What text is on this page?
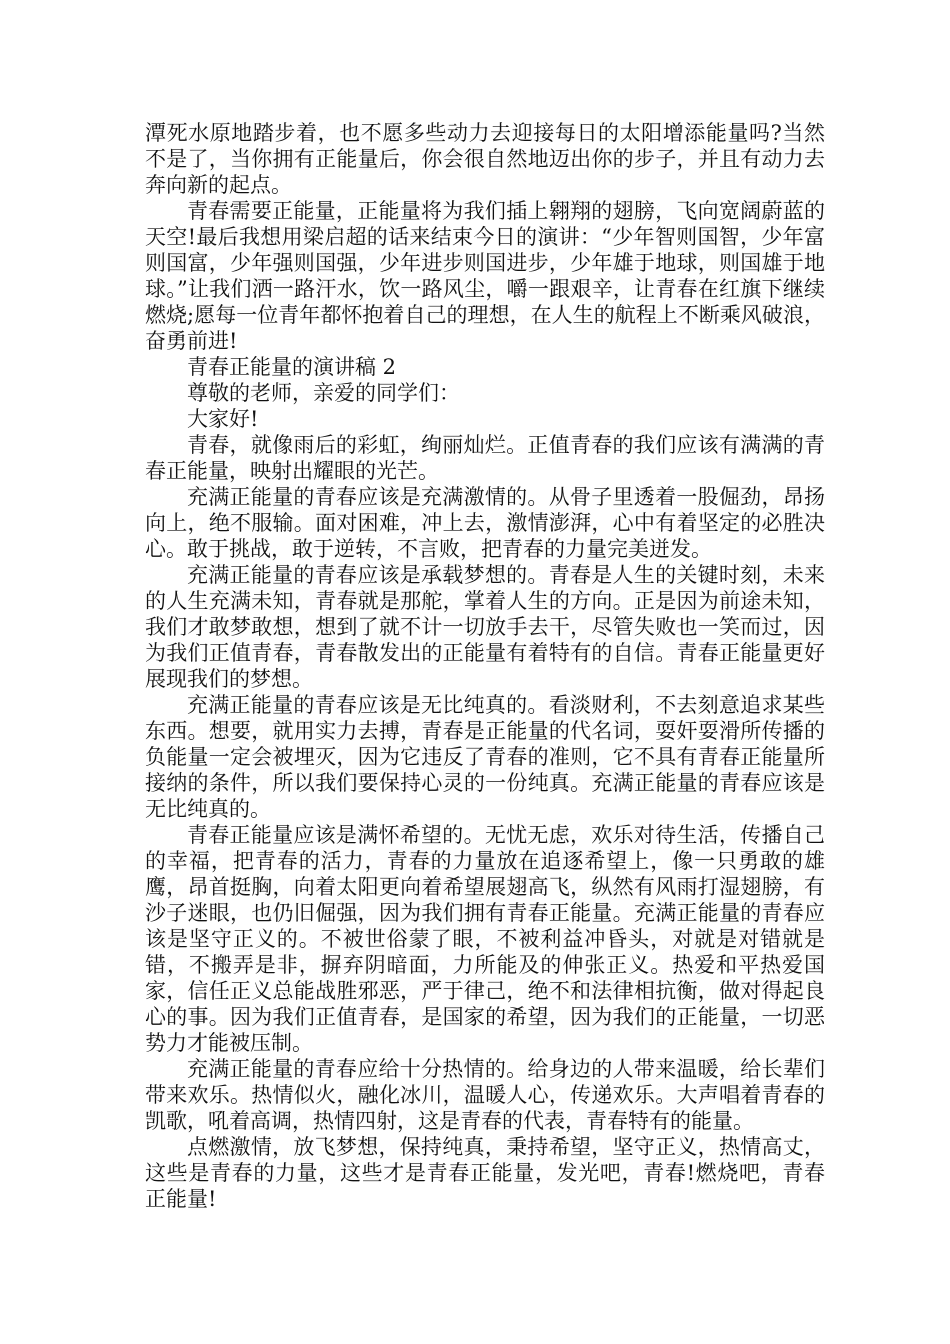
潭死水原地踏步着，也不愿多些动力去迎接每日的太阳增添能量吗?当然不是了，当你拥有正能量后，你会很自然地迈出你的步子，并且有动力去奔向新的起点。

青春需要正能量，正能量将为我们插上翱翔的翅膀，飞向宽阔蔚蓝的天空!最后我想用梁启超的话来结束今日的演讲：“少年智则国智，少年富则国富，少年强则国强，少年进步则国进步，少年雄于地球，则国雄于地球。”让我们洒一路汗水，饮一路风尘，嚼一跟艰辛，让青春在红旗下继续燃烧;愿每一位青年都怀抱着自己的理想，在人生的航程上不断乘风破浪，奋勇前进!

青春正能量的演讲稿 2

尊敬的老师，亲爱的同学们：

大家好!

青春，就像雨后的彩虹，绚丽灿烂。正值青春的我们应该有满满的青春正能量，映射出耀眼的光芒。

充满正能量的青春应该是充满激情的。从骨子里透着一股倔劲，昂扬向上，绝不服输。面对困难，冲上去，激情澎湃，心中有着坚定的必胜决心。敢于挑战，敢于逆转，不言败，把青春的力量完美迸发。

充满正能量的青春应该是承载梦想的。青春是人生的关键时刻，未来的人生充满未知，青春就是那舵，掌着人生的方向。正是因为前途未知，我们才敢梦敢想，想到了就不计一切放手去干，尽管失败也一笑而过，因为我们正值青春，青春散发出的正能量有着特有的自信。青春正能量更好展现我们的梦想。

充满正能量的青春应该是无比纯真的。看淡财利，不去刻意追求某些东西。想要，就用实力去搏，青春是正能量的代名词，耍奸耍滑所传播的负能量一定会被埋灭，因为它违反了青春的准则，它不具有青春正能量所接纳的条件，所以我们要保持心灵的一份纯真。充满正能量的青春应该是无比纯真的。

青春正能量应该是满怀希望的。无忧无虑，欢乐对待生活，传播自己的幸福，把青春的活力，青春的力量放在追逐希望上，像一只勇敢的雄鹰，昂首挺胸，向着太阳更向着希望展翅高飞，纵然有风雨打湿翅膀，有沙子迷眼，也仍旧倔强，因为我们拥有青春正能量。充满正能量的青春应该是坚守正义的。不被世俗蒙了眼，不被利益冲昏头，对就是对错就是错，不搬弄是非，摒弃阴暗面，力所能及的伸张正义。热爱和平热爱国家，信任正义总能战胜邪恶，严于律己，绝不和法律相抗衡，做对得起良心的事。因为我们正值青春，是国家的希望，因为我们的正能量，一切恶势力才能被压制。

充满正能量的青春应给十分热情的。给身边的人带来温暖，给长辈们带来欢乐。热情似火，融化冰川，温暖人心，传递欢乐。大声唱着青春的凯歌，吼着高调，热情四射，这是青春的代表，青春特有的能量。

点燃激情，放飞梦想，保持纯真，秉持希望，坚守正义，热情高丈，这些是青春的力量，这些才是青春正能量，发光吧，青春!燃烧吧，青春正能量!
